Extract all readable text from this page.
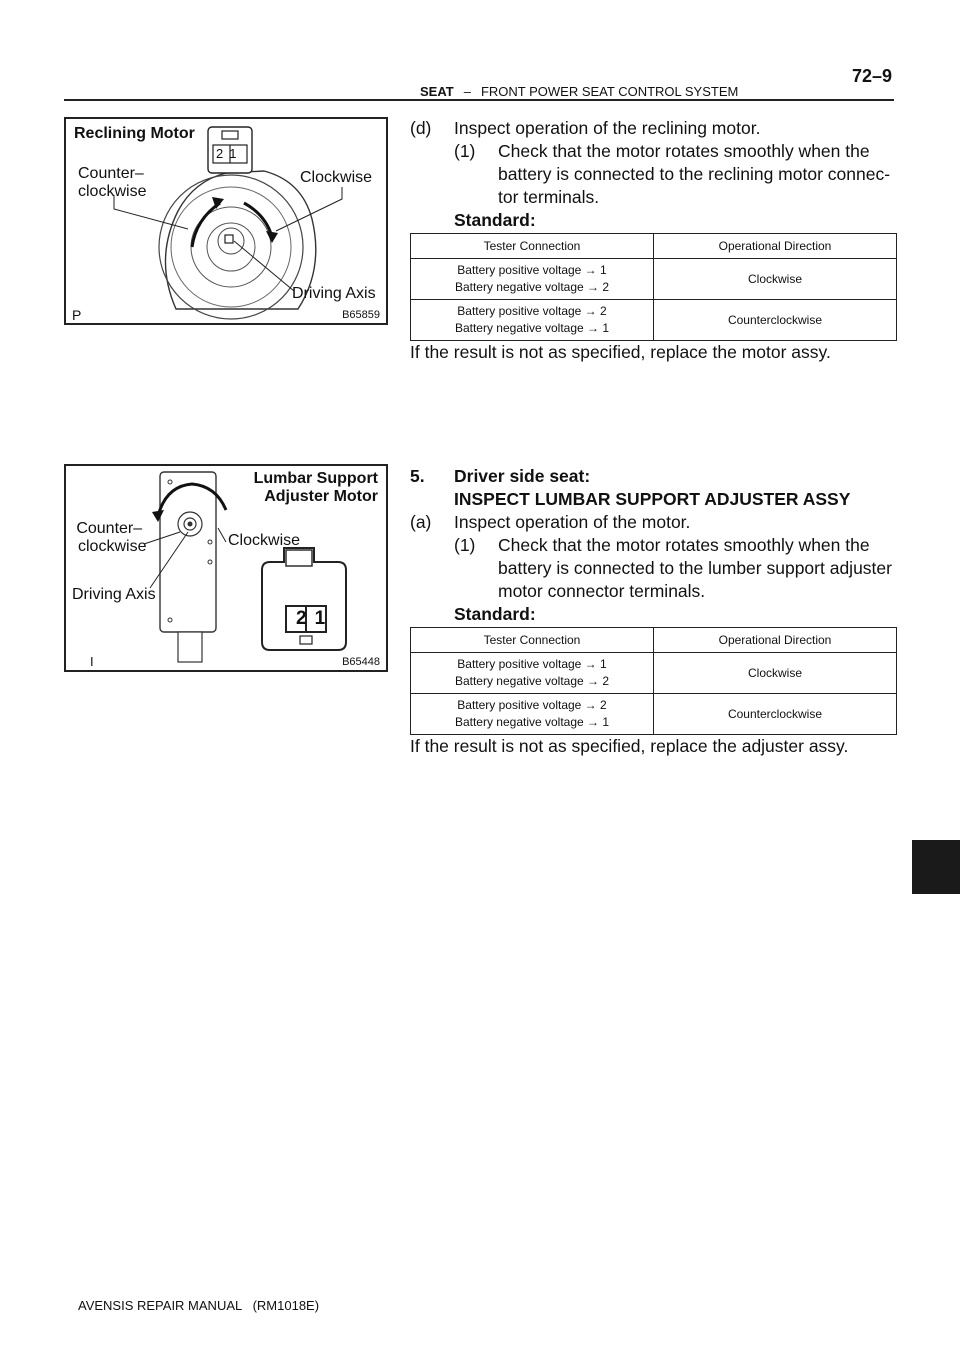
SEAT – FRONT POWER SEAT CONTROL SYSTEM
72–9
Reclining Motor
21
Counter–
clockwise
Clockwise
Driving Axis
P	B65859
(d) Inspect operation of the reclining motor.
(1) Check that the motor rotates smoothly when the
battery is connected to the reclining motor connec-
tor terminals.
Standard:
Tester Connection	Operational Direction

Battery positive voltage → 1
Battery negative voltage → 2	Clockwise

Battery positive voltage → 2
Battery negative voltage → 1	Counterclockwise
If the result is not as specified, replace the motor assy.
Lumbar Support
Adjuster Motor
21
Counter–
clockwise	Clockwise
Driving Axis
I	B65448
5. Driver side seat:
INSPECT LUMBAR SUPPORT ADJUSTER ASSY
(a) Inspect operation of the motor.
(1) Check that the motor rotates smoothly when the
battery is connected to the lumber support adjuster
motor connector terminals.
Standard:
Tester Connection	Operational Direction

Battery positive voltage → 1
Battery negative voltage → 2	Clockwise

Battery positive voltage → 2
Battery negative voltage → 1	Counterclockwise
If the result is not as specified, replace the adjuster assy.
AVENSIS REPAIR MANUAL   (RM1018E)
